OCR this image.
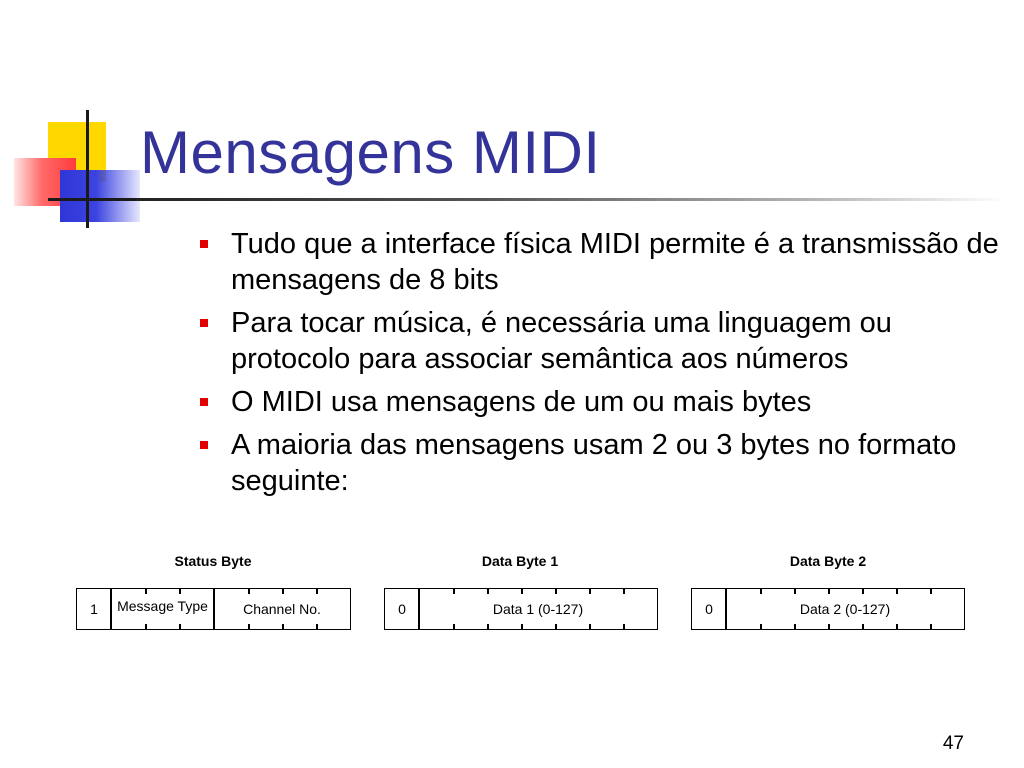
Mensagens MIDI
Tudo que a interface física MIDI permite é a transmissão de mensagens de 8 bits
Para tocar música, é necessária uma linguagem ou protocolo para associar semântica aos números
O MIDI usa mensagens de um ou mais bytes
A maioria das mensagens usam 2 ou 3 bytes no formato seguinte:
Status Byte
1	Message Type	Channel No.
Data Byte 1
0	Data 1 (0-127)
Data Byte 2
0	Data 2 (0-127)
47
